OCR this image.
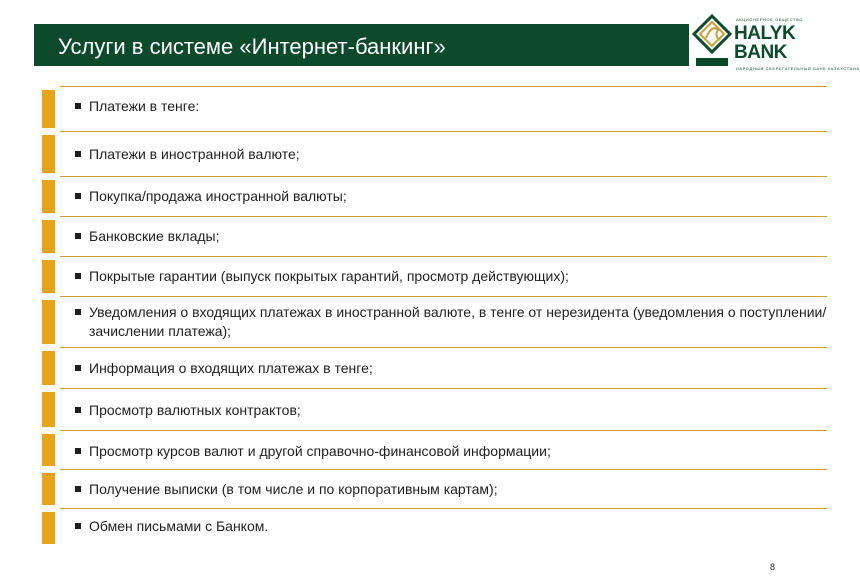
Услуги в системе «Интернет-банкинг»
АКЦИОНЕРНОЕ ОБЩЕСТВО
HALYK
BANK
НАРОДНЫЙ СБЕРЕГАТЕЛЬНЫЙ БАНК КАЗАХСТАНА
Платежи в тенге:
Платежи в иностранной валюте;
Покупка/продажа иностранной валюты;
Банковские вклады;
Покрытые гарантии (выпуск покрытых гарантий, просмотр действующих);
Уведомления о входящих платежах в иностранной валюте, в тенге от нерезидента (уведомления о поступлении/зачислении платежа);
Информация о входящих платежах в тенге;
Просмотр валютных контрактов;
Просмотр курсов валют и другой справочно-финансовой информации;
Получение выписки (в том числе и по корпоративным картам);
Обмен письмами с Банком.
8
